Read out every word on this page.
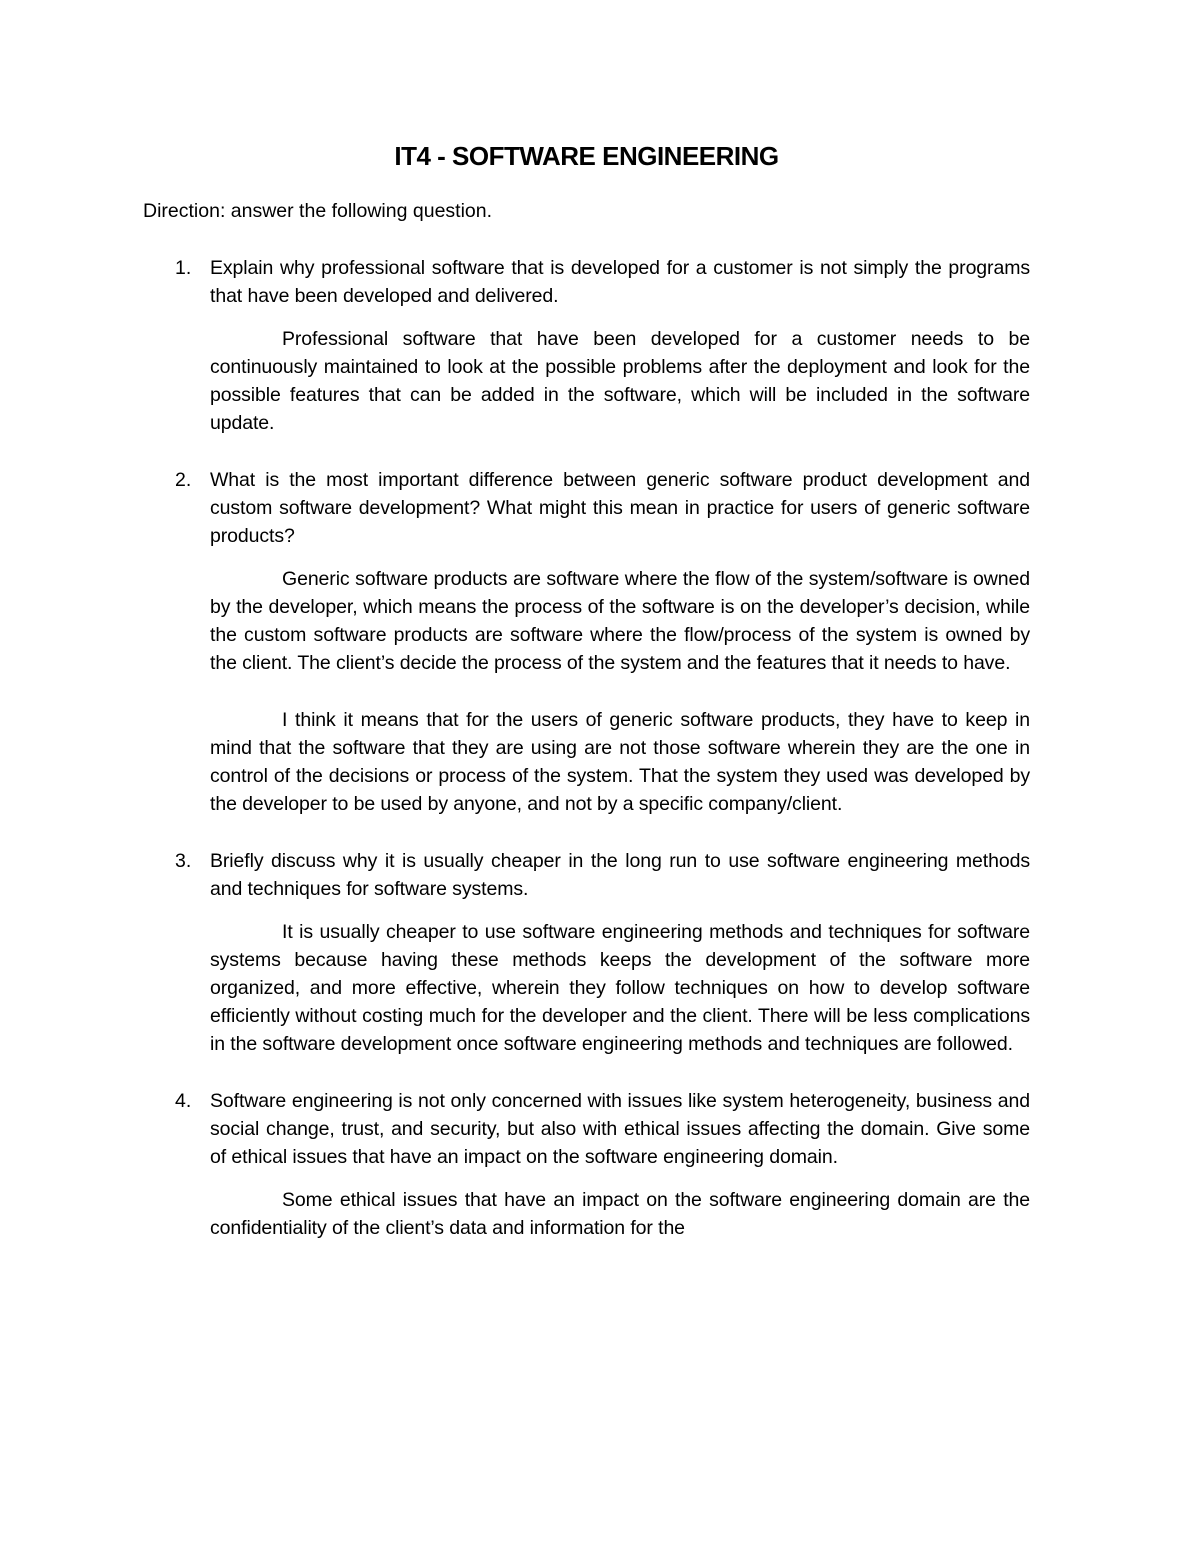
IT4 - SOFTWARE ENGINEERING

Direction: answer the following question.

1. Explain why professional software that is developed for a customer is not simply the programs that have been developed and delivered.

Professional software that have been developed for a customer needs to be continuously maintained to look at the possible problems after the deployment and look for the possible features that can be added in the software, which will be included in the software update.

2. What is the most important difference between generic software product development and custom software development? What might this mean in practice for users of generic software products?

Generic software products are software where the flow of the system/software is owned by the developer, which means the process of the software is on the developer’s decision, while the custom software products are software where the flow/process of the system is owned by the client. The client’s decide the process of the system and the features that it needs to have.

I think it means that for the users of generic software products, they have to keep in mind that the software that they are using are not those software wherein they are the one in control of the decisions or process of the system. That the system they used was developed by the developer to be used by anyone, and not by a specific company/client.

3. Briefly discuss why it is usually cheaper in the long run to use software engineering methods and techniques for software systems.

It is usually cheaper to use software engineering methods and techniques for software systems because having these methods keeps the development of the software more organized, and more effective, wherein they follow techniques on how to develop software efficiently without costing much for the developer and the client. There will be less complications in the software development once software engineering methods and techniques are followed.

4. Software engineering is not only concerned with issues like system heterogeneity, business and social change, trust, and security, but also with ethical issues affecting the domain. Give some of ethical issues that have an impact on the software engineering domain.

Some ethical issues that have an impact on the software engineering domain are the confidentiality of the client’s data and information for the
